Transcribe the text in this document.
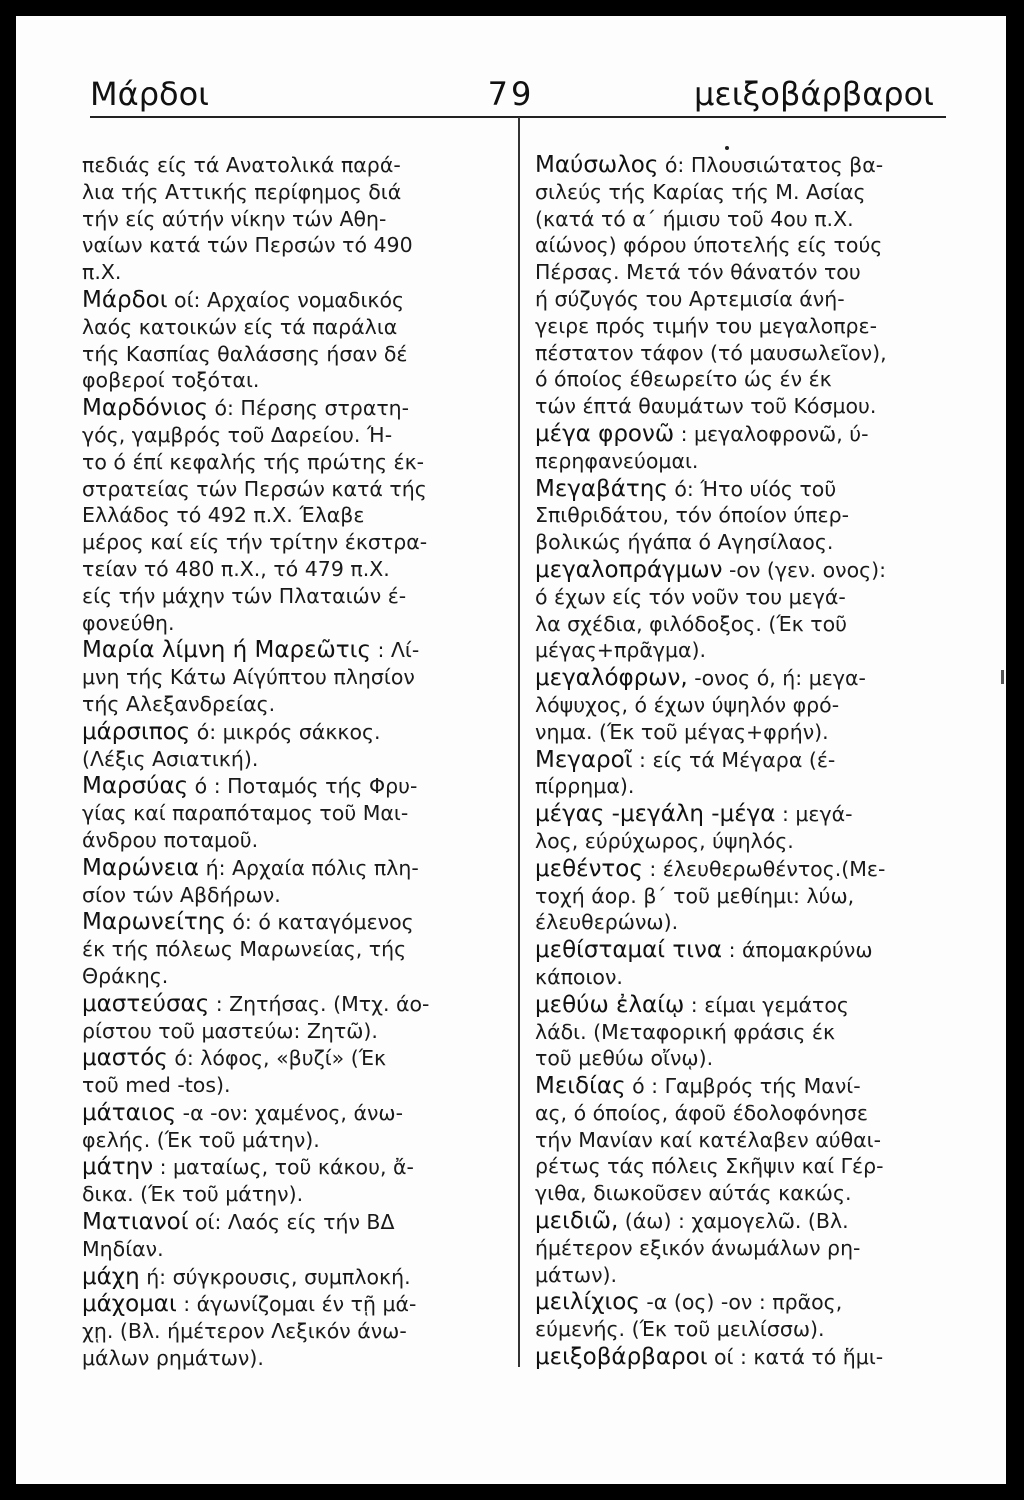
Μάρδοι	79	μειξοβάρβαροι
πεδιάς είς τά Ανατολικά παρά-
λια τής Αττικής περίφημος διά
τήν είς αύτήν νίκην τών Αθη-
ναίων κατά τών Περσών τό 490
π.Χ.
Μάρδοι οί: Αρχαίος νομαδικός
λαός κατοικών είς τά παράλια
τής Κασπίας θαλάσσης ήσαν δέ
φοβεροί τοξόται.
Μαρδόνιος ό: Πέρσης στρατη-
γός, γαμβρός τοῦ Δαρείου. Ή-
το ό έπί κεφαλής τής πρώτης έκ-
στρατείας τών Περσών κατά τής
Ελλάδος τό 492 π.Χ. Έλαβε
μέρος καί είς τήν τρίτην έκστρα-
τείαν τό 480 π.Χ., τό 479 π.Χ.
είς τήν μάχην τών Πλαταιών έ-
φονεύθη.
Μαρία λίμνη ή Μαρεῶτις : Λί-
μνη τής Κάτω Αίγύπτου πλησίον
τής Αλεξανδρείας.
μάρσιπος ό: μικρός σάκκος.
(Λέξις Ασιατική).
Μαρσύας ό : Ποταμός τής Φρυ-
γίας καί παραπόταμος τοῦ Μαι-
άνδρου ποταμοῦ.
Μαρώνεια ή: Αρχαία πόλις πλη-
σίον τών Αβδήρων.
Μαρωνείτης ό: ό καταγόμενος
έκ τής πόλεως Μαρωνείας, τής
Θράκης.
μαστεύσας : Ζητήσας. (Μτχ. άο-
ρίστου τοῦ μαστεύω: Ζητῶ).
μαστός ό: λόφος, «βυζί» (Έκ
τοῦ med -tos).
μάταιος -α -ον: χαμένος, άνω-
φελής. (Έκ τοῦ μάτην).
μάτην : ματαίως, τοῦ κάκου, ἄ-
δικα. (Έκ τοῦ μάτην).
Ματιανοί οί: Λαός είς τήν ΒΔ
Μηδίαν.
μάχη ή: σύγκρουσις, συμπλοκή.
μάχομαι : άγωνίζομαι έν τῇ μά-
χῃ. (Βλ. ήμέτερον Λεξικόν άνω-
μάλων ρημάτων).
Μαύσωλος ό: Πλουσιώτατος βα-
σιλεύς τής Καρίας τής Μ. Ασίας
(κατά τό α΄ ήμισυ τοῦ 4ου π.Χ.
αίώνος) φόρου ύποτελής είς τούς
Πέρσας. Μετά τόν θάνατόν του
ή σύζυγός του Αρτεμισία άνή-
γειρε πρός τιμήν του μεγαλοπρε-
πέστατον τάφον (τό μαυσωλεῖον),
ό όποίος έθεωρείτο ώς έν έκ
τών έπτά θαυμάτων τοῦ Κόσμου.
μέγα φρονῶ : μεγαλοφρονῶ, ύ-
περηφανεύομαι.
Μεγαβάτης ό: Ήτο υίός τοῦ
Σπιθριδάτου, τόν όποίον ύπερ-
βολικώς ήγάπα ό Αγησίλαος.
μεγαλοπράγμων -ον (γεν. ονος):
ό έχων είς τόν νοῦν του μεγά-
λα σχέδια, φιλόδοξος. (Έκ τοῦ
μέγας+πρᾶγμα).
μεγαλόφρων, -ονος ό, ή: μεγα-
λόψυχος, ό έχων ύψηλόν φρό-
νημα. (Έκ τοῦ μέγας+φρήν).
Μεγαροῖ : είς τά Μέγαρα (έ-
πίρρημα).
μέγας -μεγάλη -μέγα : μεγά-
λος, εύρύχωρος, ύψηλός.
μεθέντος : έλευθερωθέντος.(Με-
τοχή άορ. β΄ τοῦ μεθίημι: λύω,
έλευθερώνω).
μεθίσταμαί τινα : άπομακρύνω
κάποιον.
μεθύω ἐλαίῳ : είμαι γεμάτος
λάδι. (Μεταφορική φράσις έκ
τοῦ μεθύω οἴνῳ).
Μειδίας ό : Γαμβρός τής Μανί-
ας, ό όποίος, άφοῦ έδολοφόνησε
τήν Μανίαν καί κατέλαβεν αύθαι-
ρέτως τάς πόλεις Σκῆψιν καί Γέρ-
γιθα, διωκοῦσεν αύτάς κακώς.
μειδιῶ, (άω) : χαμογελῶ. (Βλ.
ήμέτερον εξικόν άνωμάλων ρη-
μάτων).
μειλίχιος -α (ος) -ον : πρᾶος,
εύμενής. (Έκ τοῦ μειλίσσω).
μειξοβάρβαροι οί : κατά τό ἥμι-
